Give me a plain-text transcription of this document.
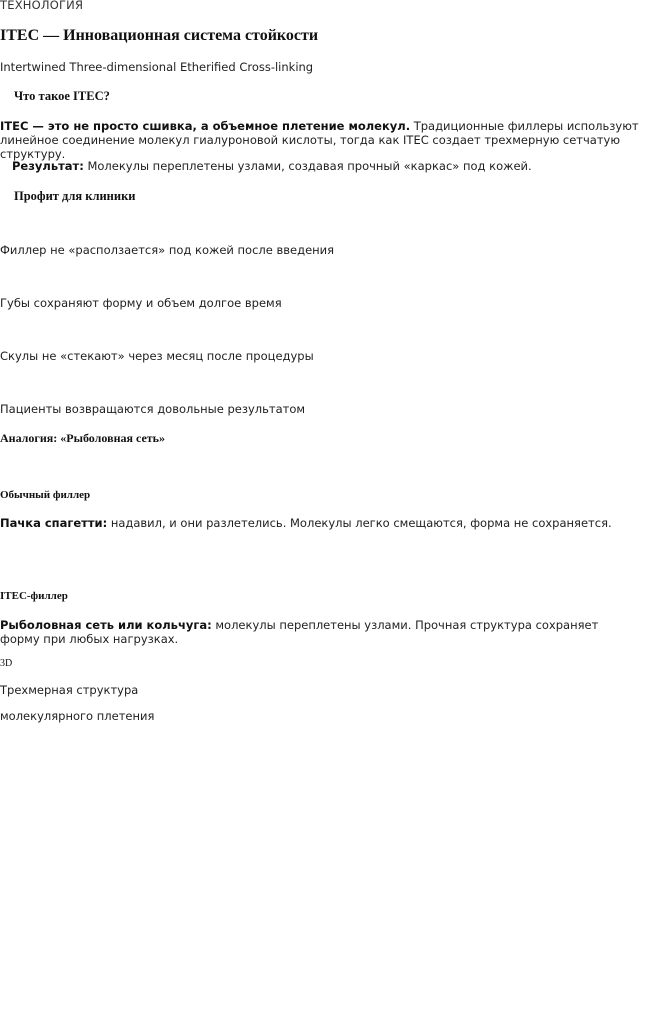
ТЕХНОЛОГИЯ

ITEC — Инновационная система стойкости

Intertwined Three-dimensional Etherified Cross-linking

Что такое ITEC?

ITEC — это не просто сшивка, а объемное плетение молекул. Традиционные филлеры используют линейное соединение молекул гиалуроновой кислоты, тогда как ITEC создает трехмерную сетчатую структуру.

Результат: Молекулы переплетены узлами, создавая прочный «каркас» под кожей.

Профит для клиники

Филлер не «расползается» под кожей после введения

Губы сохраняют форму и объем долгое время

Скулы не «стекают» через месяц после процедуры

Пациенты возвращаются довольные результатом

Аналогия: «Рыболовная сеть»
Обычный филлер

Пачка спагетти: надавил, и они разлетелись. Молекулы легко смещаются, форма не сохраняется.

ITEC-филлер

Рыболовная сеть или кольчуга: молекулы переплетены узлами. Прочная структура сохраняет форму при любых нагрузках.

3D

Трехмерная структура

молекулярного плетения
